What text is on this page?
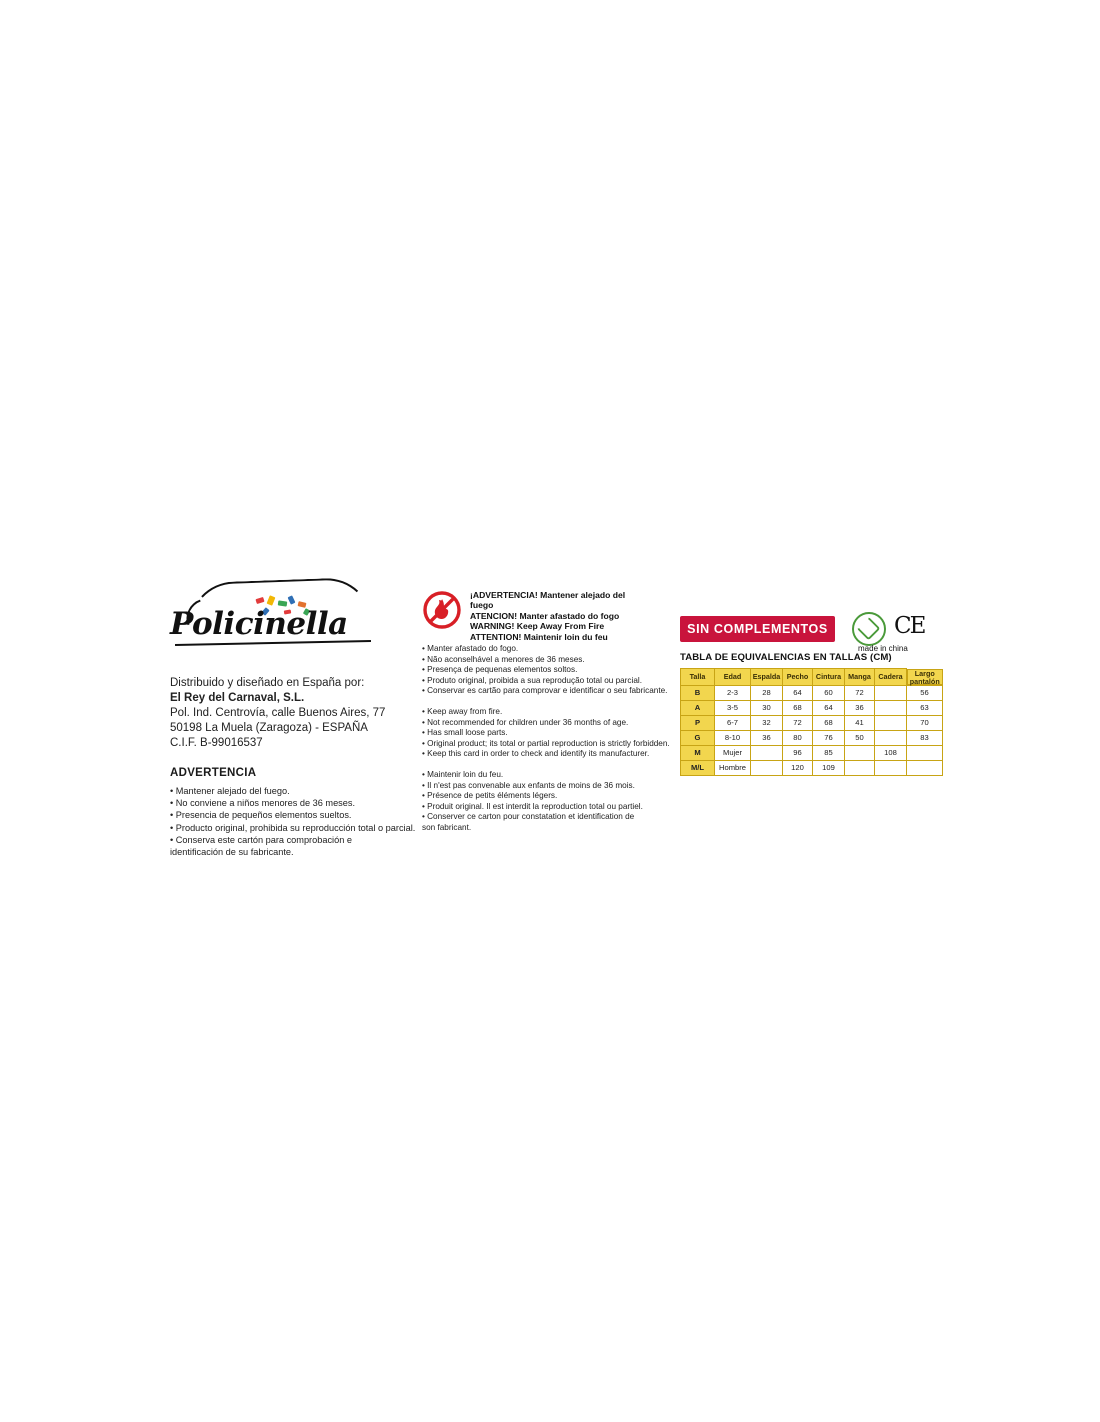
Policinella
Distribuido y diseñado en España por:
El Rey del Carnaval, S.L.
Pol. Ind. Centrovía, calle Buenos Aires, 77
50198 La Muela (Zaragoza) - ESPAÑA
C.I.F. B-99016537
ADVERTENCIA
• Mantener alejado del fuego.
• No conviene a niños menores de 36 meses.
• Presencia de pequeños elementos sueltos.
• Producto original, prohibida su reproducción total o parcial.
• Conserva este cartón para comprobación e identificación de su fabricante.
¡ADVERTENCIA! Mantener alejado del fuego
ATENCION! Manter afastado do fogo
WARNING! Keep Away From Fire
ATTENTION! Maintenir loin du feu
• Manter afastado do fogo.
• Não aconselhável a menores de 36 meses.
• Presença de pequenas elementos soltos.
• Produto original, proibida a sua reprodução total ou parcial.
• Conservar es cartão para comprovar e identificar o seu fabricante.
• Keep away from fire.
• Not recommended for children under 36 months of age.
• Has small loose parts.
• Original product; its total or partial reproduction is strictly forbidden.
• Keep this card in order to check and identify its manufacturer.
• Maintenir loin du feu.
• Il n'est pas convenable aux enfants de moins de 36 mois.
• Présence de petits éléments légers.
• Produit original. Il est interdit la reproduction total ou partiel.
• Conserver ce carton pour constatation et identification de son fabricant.
SIN COMPLEMENTOS	CE
made in china
TABLA DE EQUIVALENCIAS EN TALLAS (CM)
Talla	Edad	Espalda	Pecho	Cintura	Manga	Cadera		Largo pantalón

B	2-3	28	64	60	72		56
A	3-5	30	68	64	36		63
P	6-7	32	72	68	41		70
G	8-10	36	80	76	50		83
M	Mujer		96	85		108	
M/L	Hombre		120	109			
